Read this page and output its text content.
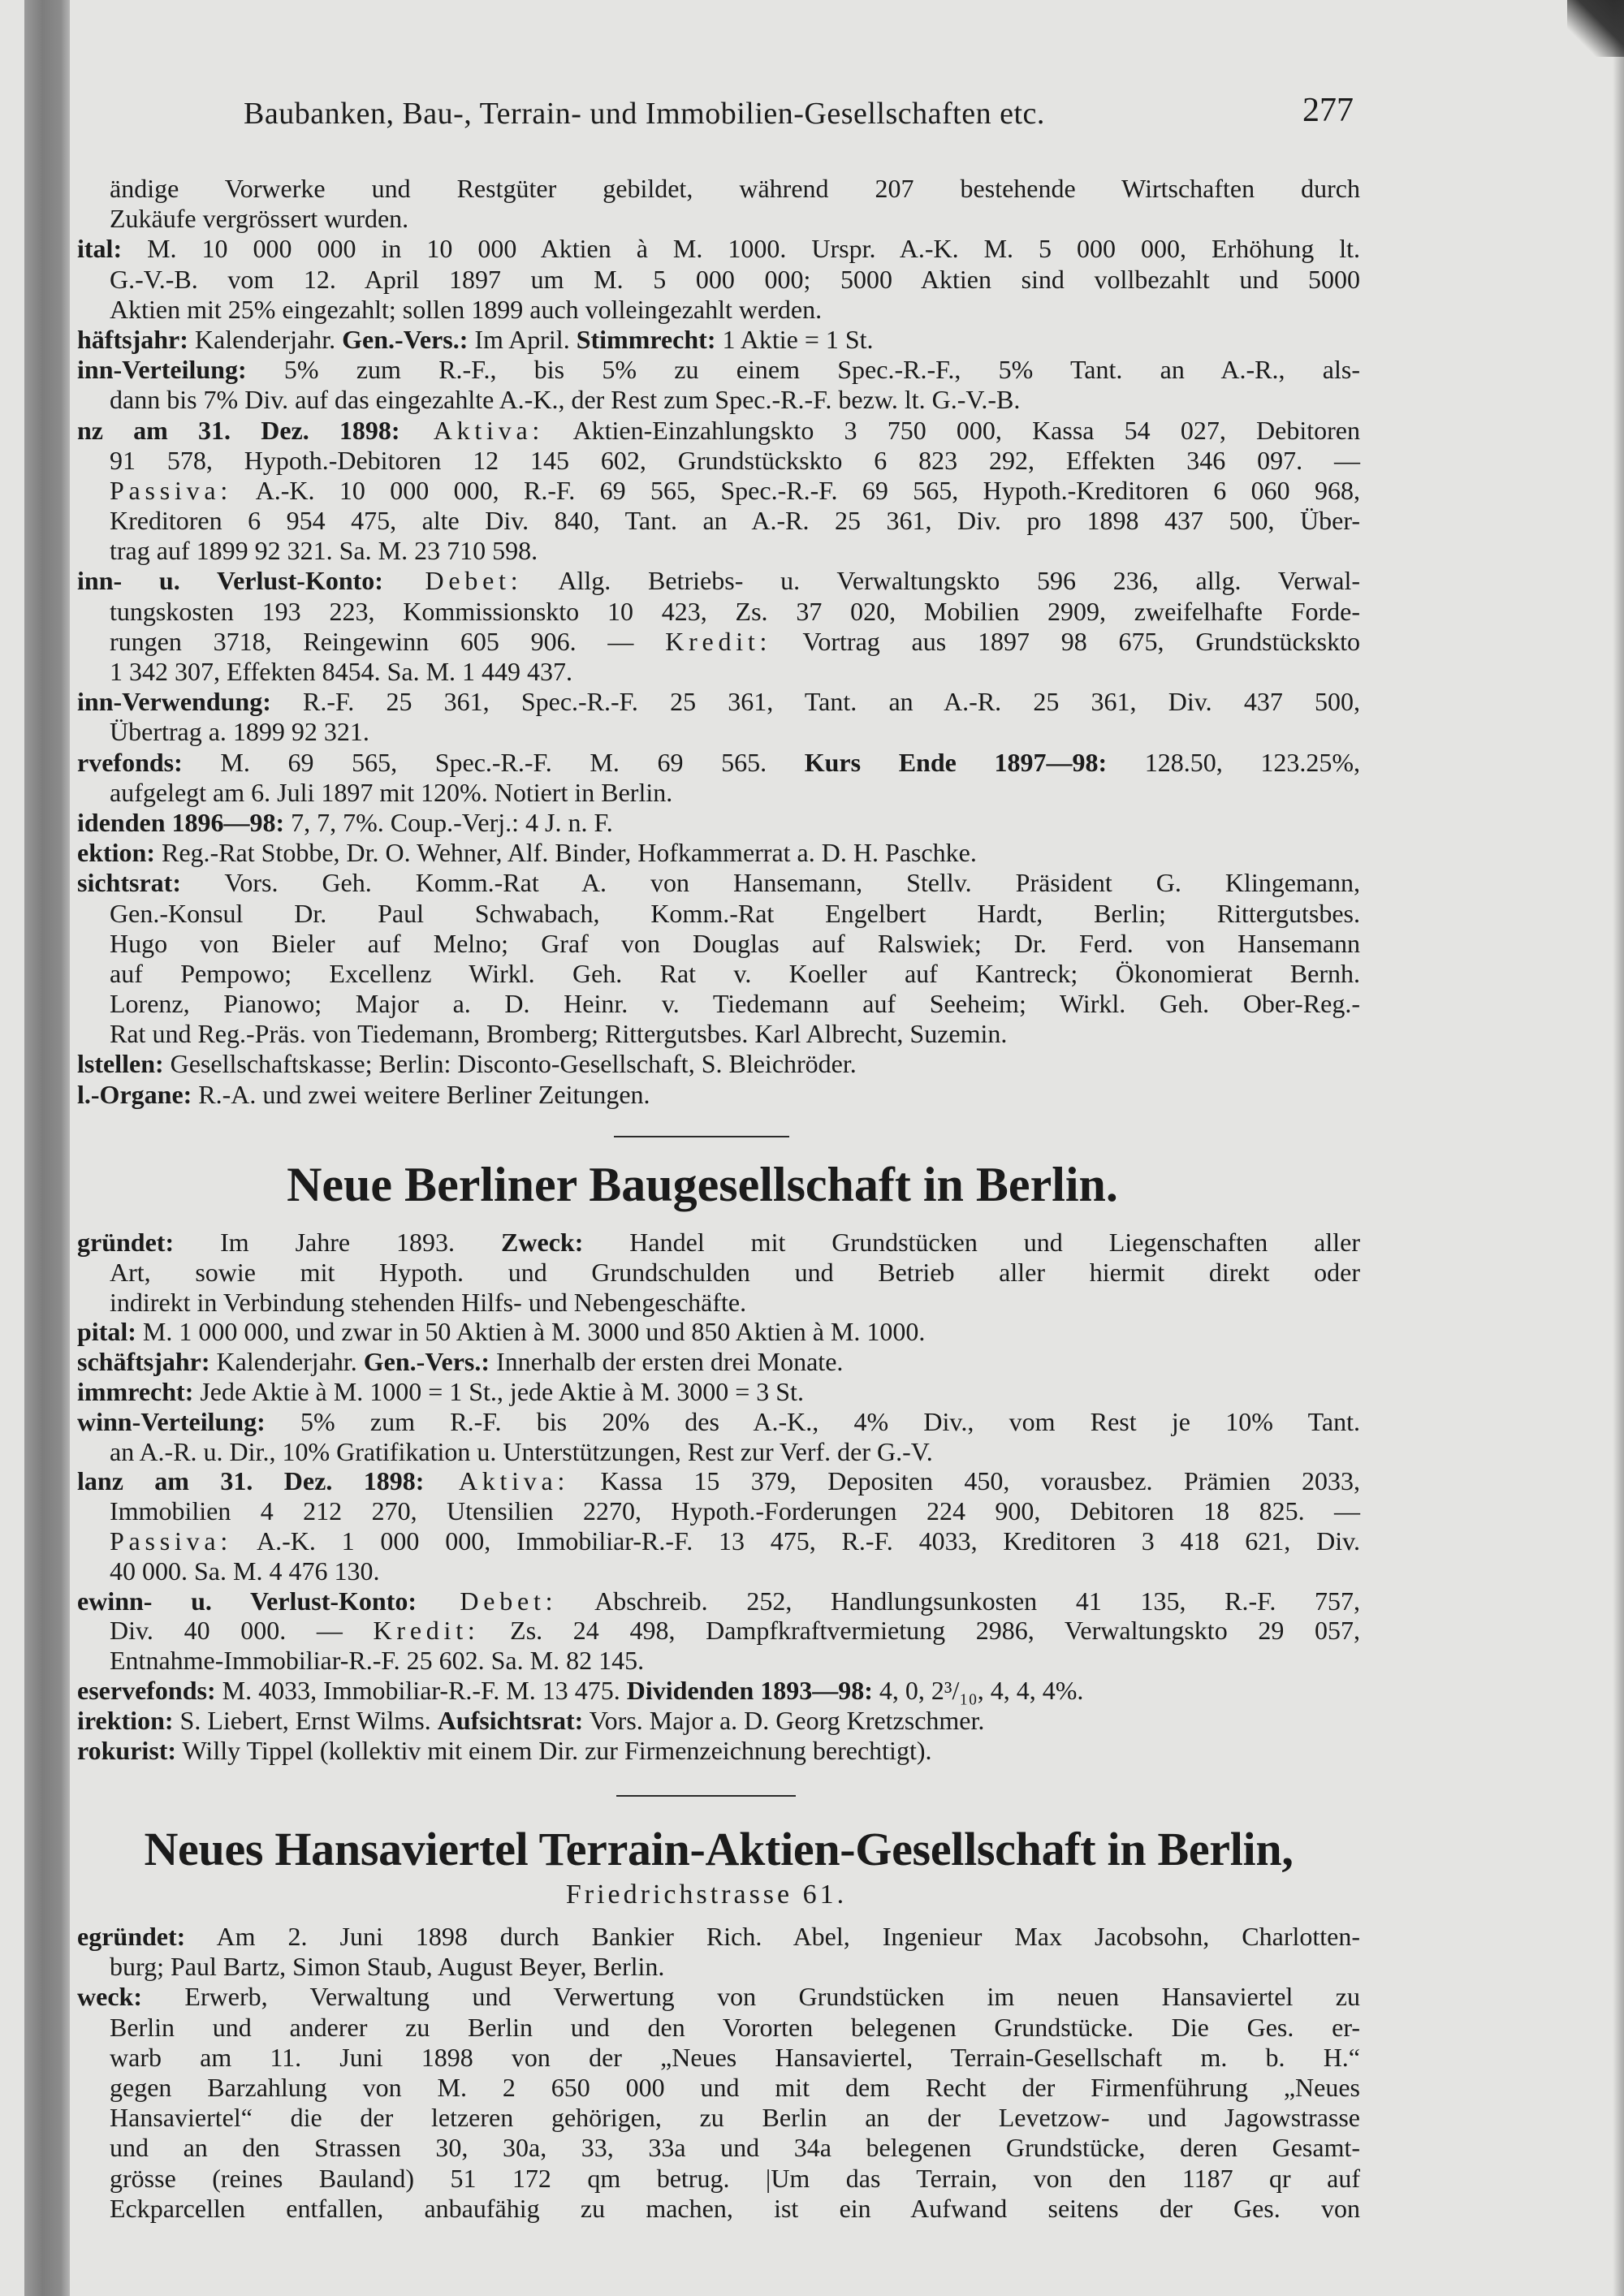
Baubanken, Bau-, Terrain- und Immobilien-Gesellschaften etc.	277
ändige Vorwerke und Restgüter gebildet, während 207 bestehende Wirtschaften durch
Zukäufe vergrössert wurden.
ital: M. 10 000 000 in 10 000 Aktien à M. 1000. Urspr. A.-K. M. 5 000 000, Erhöhung lt.
G.-V.-B. vom 12. April 1897 um M. 5 000 000; 5000 Aktien sind vollbezahlt und 5000
Aktien mit 25% eingezahlt; sollen 1899 auch volleingezahlt werden.
häftsjahr: Kalenderjahr. Gen.-Vers.: Im April. Stimmrecht: 1 Aktie = 1 St.
inn-Verteilung: 5% zum R.-F., bis 5% zu einem Spec.-R.-F., 5% Tant. an A.-R., als-
dann bis 7% Div. auf das eingezahlte A.-K., der Rest zum Spec.-R.-F. bezw. lt. G.-V.-B.
nz am 31. Dez. 1898: Aktiva: Aktien-Einzahlungskto 3 750 000, Kassa 54 027, Debitoren
91 578, Hypoth.-Debitoren 12 145 602, Grundstückskto 6 823 292, Effekten 346 097. —
Passiva: A.-K. 10 000 000, R.-F. 69 565, Spec.-R.-F. 69 565, Hypoth.-Kreditoren 6 060 968,
Kreditoren 6 954 475, alte Div. 840, Tant. an A.-R. 25 361, Div. pro 1898 437 500, Über-
trag auf 1899 92 321. Sa. M. 23 710 598.
inn- u. Verlust-Konto: Debet: Allg. Betriebs- u. Verwaltungskto 596 236, allg. Verwal-
tungskosten 193 223, Kommissionskto 10 423, Zs. 37 020, Mobilien 2909, zweifelhafte Forde-
rungen 3718, Reingewinn 605 906. — Kredit: Vortrag aus 1897 98 675, Grundstückskto
1 342 307, Effekten 8454. Sa. M. 1 449 437.
inn-Verwendung: R.-F. 25 361, Spec.-R.-F. 25 361, Tant. an A.-R. 25 361, Div. 437 500,
Übertrag a. 1899 92 321.
rvefonds: M. 69 565, Spec.-R.-F. M. 69 565. Kurs Ende 1897—98: 128.50, 123.25%,
aufgelegt am 6. Juli 1897 mit 120%. Notiert in Berlin.
idenden 1896—98: 7, 7, 7%. Coup.-Verj.: 4 J. n. F.
ektion: Reg.-Rat Stobbe, Dr. O. Wehner, Alf. Binder, Hofkammerrat a. D. H. Paschke.
sichtsrat: Vors. Geh. Komm.-Rat A. von Hansemann, Stellv. Präsident G. Klingemann,
Gen.-Konsul Dr. Paul Schwabach, Komm.-Rat Engelbert Hardt, Berlin; Rittergutsbes.
Hugo von Bieler auf Melno; Graf von Douglas auf Ralswiek; Dr. Ferd. von Hansemann
auf Pempowo; Excellenz Wirkl. Geh. Rat v. Koeller auf Kantreck; Ökonomierat Bernh.
Lorenz, Pianowo; Major a. D. Heinr. v. Tiedemann auf Seeheim; Wirkl. Geh. Ober-Reg.-
Rat und Reg.-Präs. von Tiedemann, Bromberg; Rittergutsbes. Karl Albrecht, Suzemin.
lstellen: Gesellschaftskasse; Berlin: Disconto-Gesellschaft, S. Bleichröder.
l.-Organe: R.-A. und zwei weitere Berliner Zeitungen.
Neue Berliner Baugesellschaft in Berlin.
gründet: Im Jahre 1893. Zweck: Handel mit Grundstücken und Liegenschaften aller
Art, sowie mit Hypoth. und Grundschulden und Betrieb aller hiermit direkt oder
indirekt in Verbindung stehenden Hilfs- und Nebengeschäfte.
pital: M. 1 000 000, und zwar in 50 Aktien à M. 3000 und 850 Aktien à M. 1000.
schäftsjahr: Kalenderjahr. Gen.-Vers.: Innerhalb der ersten drei Monate.
immrecht: Jede Aktie à M. 1000 = 1 St., jede Aktie à M. 3000 = 3 St.
winn-Verteilung: 5% zum R.-F. bis 20% des A.-K., 4% Div., vom Rest je 10% Tant.
an A.-R. u. Dir., 10% Gratifikation u. Unterstützungen, Rest zur Verf. der G.-V.
lanz am 31. Dez. 1898: Aktiva: Kassa 15 379, Depositen 450, vorausbez. Prämien 2033,
Immobilien 4 212 270, Utensilien 2270, Hypoth.-Forderungen 224 900, Debitoren 18 825. —
Passiva: A.-K. 1 000 000, Immobiliar-R.-F. 13 475, R.-F. 4033, Kreditoren 3 418 621, Div.
40 000. Sa. M. 4 476 130.
ewinn- u. Verlust-Konto: Debet: Abschreib. 252, Handlungsunkosten 41 135, R.-F. 757,
Div. 40 000. — Kredit: Zs. 24 498, Dampfkraftvermietung 2986, Verwaltungskto 29 057,
Entnahme-Immobiliar-R.-F. 25 602. Sa. M. 82 145.
eservefonds: M. 4033, Immobiliar-R.-F. M. 13 475. Dividenden 1893—98: 4, 0, 2³/₁₀, 4, 4, 4%.
irektion: S. Liebert, Ernst Wilms. Aufsichtsrat: Vors. Major a. D. Georg Kretzschmer.
rokurist: Willy Tippel (kollektiv mit einem Dir. zur Firmenzeichnung berechtigt).
Neues Hansaviertel Terrain-Aktien-Gesellschaft in Berlin,
Friedrichstrasse 61.
egründet: Am 2. Juni 1898 durch Bankier Rich. Abel, Ingenieur Max Jacobsohn, Charlotten-
burg; Paul Bartz, Simon Staub, August Beyer, Berlin.
weck: Erwerb, Verwaltung und Verwertung von Grundstücken im neuen Hansaviertel zu
Berlin und anderer zu Berlin und den Vororten belegenen Grundstücke. Die Ges. er-
warb am 11. Juni 1898 von der „Neues Hansaviertel, Terrain-Gesellschaft m. b. H.“
gegen Barzahlung von M. 2 650 000 und mit dem Recht der Firmenführung „Neues
Hansaviertel“ die der letzeren gehörigen, zu Berlin an der Levetzow- und Jagowstrasse
und an den Strassen 30, 30a, 33, 33a und 34a belegenen Grundstücke, deren Gesamt-
grösse (reines Bauland) 51 172 qm betrug. |Um das Terrain, von den 1187 qr auf
Eckparcellen entfallen, anbaufähig zu machen, ist ein Aufwand seitens der Ges. von
